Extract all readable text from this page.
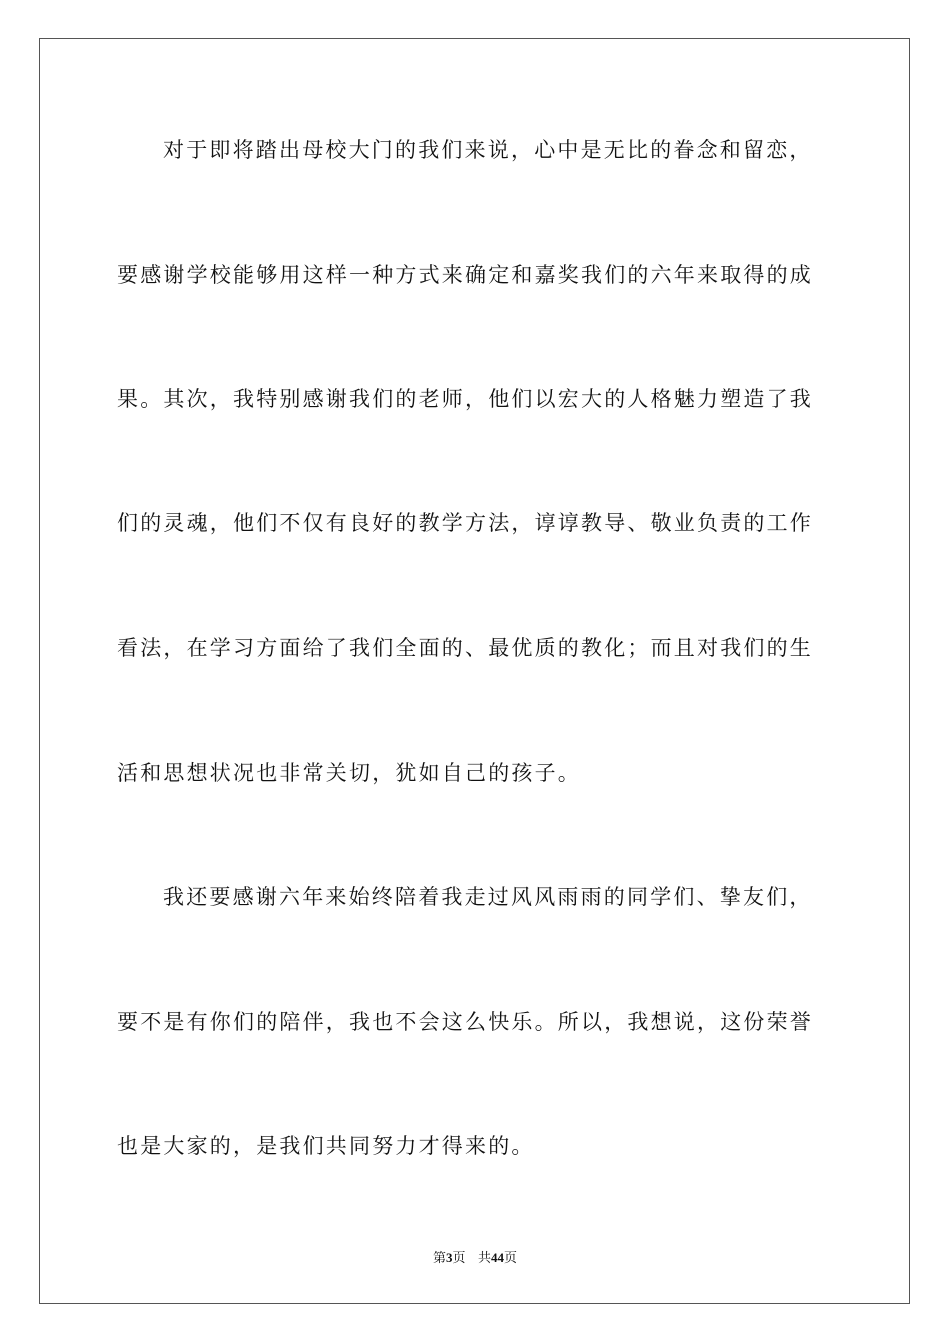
对于即将踏出母校大门的我们来说，心中是无比的眷念和留恋，
要感谢学校能够用这样一种方式来确定和嘉奖我们的六年来取得的成
果。其次，我特别感谢我们的老师，他们以宏大的人格魅力塑造了我
们的灵魂，他们不仅有良好的教学方法，谆谆教导、敬业负责的工作
看法，在学习方面给了我们全面的、最优质的教化；而且对我们的生
活和思想状况也非常关切，犹如自己的孩子。
我还要感谢六年来始终陪着我走过风风雨雨的同学们、挚友们，
要不是有你们的陪伴，我也不会这么快乐。所以，我想说，这份荣誉
也是大家的，是我们共同努力才得来的。
第3页 共44页
